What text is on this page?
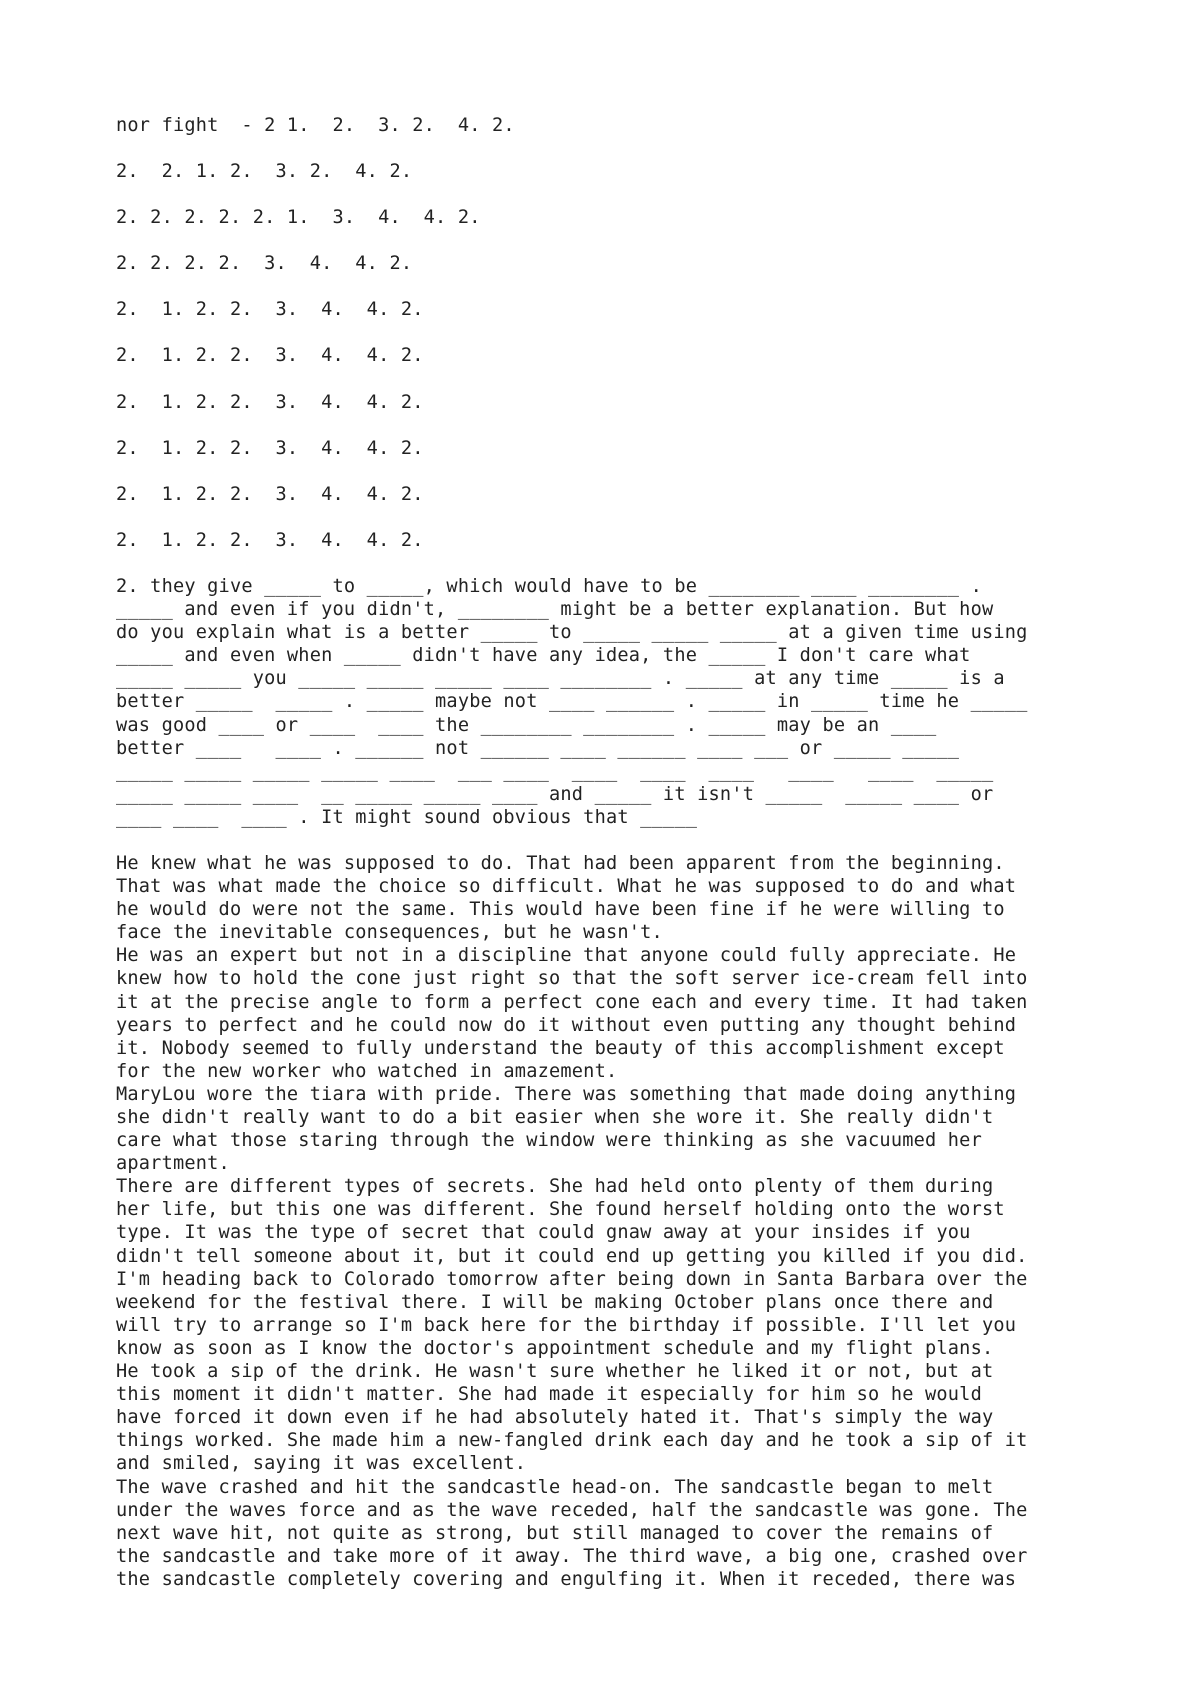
nor fight  - 2 1.  2.  3. 2.  4. 2.
2.  2. 1. 2.  3. 2.  4. 2.
2. 2. 2. 2. 2. 1.  3.  4.  4. 2.
2. 2. 2. 2.  3.  4.  4. 2.
2.  1. 2. 2.  3.  4.  4. 2.
2.  1. 2. 2.  3.  4.  4. 2.
2.  1. 2. 2.  3.  4.  4. 2.
2.  1. 2. 2.  3.  4.  4. 2.
2.  1. 2. 2.  3.  4.  4. 2.
2.  1. 2. 2.  3.  4.  4. 2.
2. they give _____ to _____, which would have to be ________ ____ ________ .
_____ and even if you didn't, ________ might be a better explanation. But how
do you explain what is a better _____ to _____ _____ _____ at a given time using
_____ and even when _____ didn't have any idea, the _____ I don't care what
_____ _____ you _____ _____ _____ ____ ________ . _____ at any time _____ is a
better _____  _____ . _____ maybe not ____ ______ . _____ in _____ time he _____
was good ____ or ____  ____ the ________ ________ . _____ may be an ____
better ____   ____ . ______ not ______ ____ ______ ____ ___ or _____ _____
_____ _____ _____ _____ ____  ___ ____  ____  ____  ____   ____   ____  _____
_____ _____ ____  __ _____ _____ ____ and _____ it isn't _____  _____ ____ or
____ ____  ____ . It might sound obvious that _____
He knew what he was supposed to do. That had been apparent from the beginning.
That was what made the choice so difficult. What he was supposed to do and what
he would do were not the same. This would have been fine if he were willing to
face the inevitable consequences, but he wasn't.
He was an expert but not in a discipline that anyone could fully appreciate. He
knew how to hold the cone just right so that the soft server ice-cream fell into
it at the precise angle to form a perfect cone each and every time. It had taken
years to perfect and he could now do it without even putting any thought behind
it. Nobody seemed to fully understand the beauty of this accomplishment except
for the new worker who watched in amazement.
MaryLou wore the tiara with pride. There was something that made doing anything
she didn't really want to do a bit easier when she wore it. She really didn't
care what those staring through the window were thinking as she vacuumed her
apartment.
There are different types of secrets. She had held onto plenty of them during
her life, but this one was different. She found herself holding onto the worst
type. It was the type of secret that could gnaw away at your insides if you
didn't tell someone about it, but it could end up getting you killed if you did.
I'm heading back to Colorado tomorrow after being down in Santa Barbara over the
weekend for the festival there. I will be making October plans once there and
will try to arrange so I'm back here for the birthday if possible. I'll let you
know as soon as I know the doctor's appointment schedule and my flight plans.
He took a sip of the drink. He wasn't sure whether he liked it or not, but at
this moment it didn't matter. She had made it especially for him so he would
have forced it down even if he had absolutely hated it. That's simply the way
things worked. She made him a new-fangled drink each day and he took a sip of it
and smiled, saying it was excellent.
The wave crashed and hit the sandcastle head-on. The sandcastle began to melt
under the waves force and as the wave receded, half the sandcastle was gone. The
next wave hit, not quite as strong, but still managed to cover the remains of
the sandcastle and take more of it away. The third wave, a big one, crashed over
the sandcastle completely covering and engulfing it. When it receded, there was
